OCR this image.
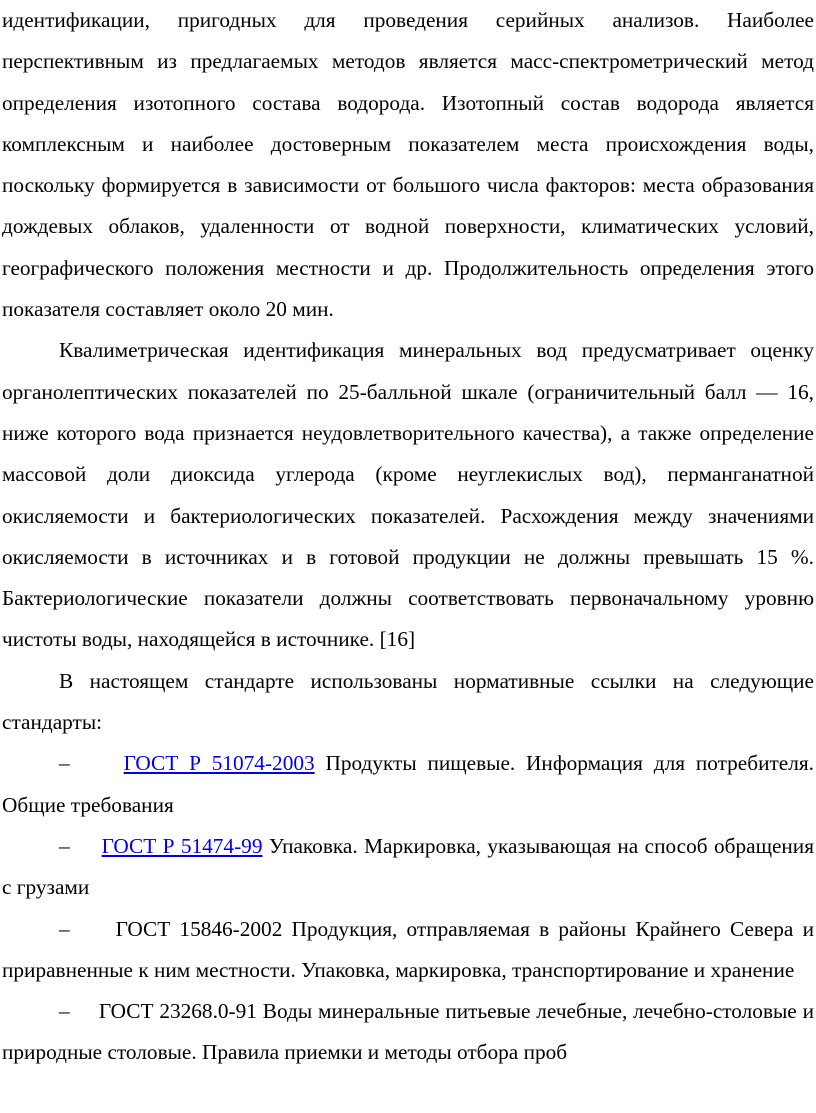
идентификации, пригодных для проведения серийных анализов. Наиболее перспективным из предлагаемых методов является масс-спектрометрический метод определения изотопного состава водорода. Изотопный состав водорода является комплексным и наиболее достоверным показателем места происхождения воды, поскольку формируется в зависимости от большого числа факторов: места образования дождевых облаков, удаленности от водной поверхности, климатических условий, географического положения местности и др. Продолжительность определения этого показателя составляет около 20 мин.

Квалиметрическая идентификация минеральных вод предусматривает оценку органолептических показателей по 25-балльной шкале (ограничительный балл — 16, ниже которого вода признается неудовлетворительного качества), а также определение массовой доли диоксида углерода (кроме неуглекислых вод), перманганатной окисляемости и бактериологических показателей. Расхождения между значениями окисляемости в источниках и в готовой продукции не должны превышать 15 %. Бактериологические показатели должны соответствовать первоначальному уровню чистоты воды, находящейся в источнике. [16]

В настоящем стандарте использованы нормативные ссылки на следующие стандарты:

–	ГОСТ Р 51074-2003 Продукты пищевые. Информация для потребителя. Общие требования

– ГОСТ Р 51474-99 Упаковка. Маркировка, указывающая на способ обращения с грузами

– ГОСТ 15846-2002 Продукция, отправляемая в районы Крайнего Севера и приравненные к ним местности. Упаковка, маркировка, транспортирование и хранение

– ГОСТ 23268.0-91 Воды минеральные питьевые лечебные, лечебно-столовые и природные столовые. Правила приемки и методы отбора проб
